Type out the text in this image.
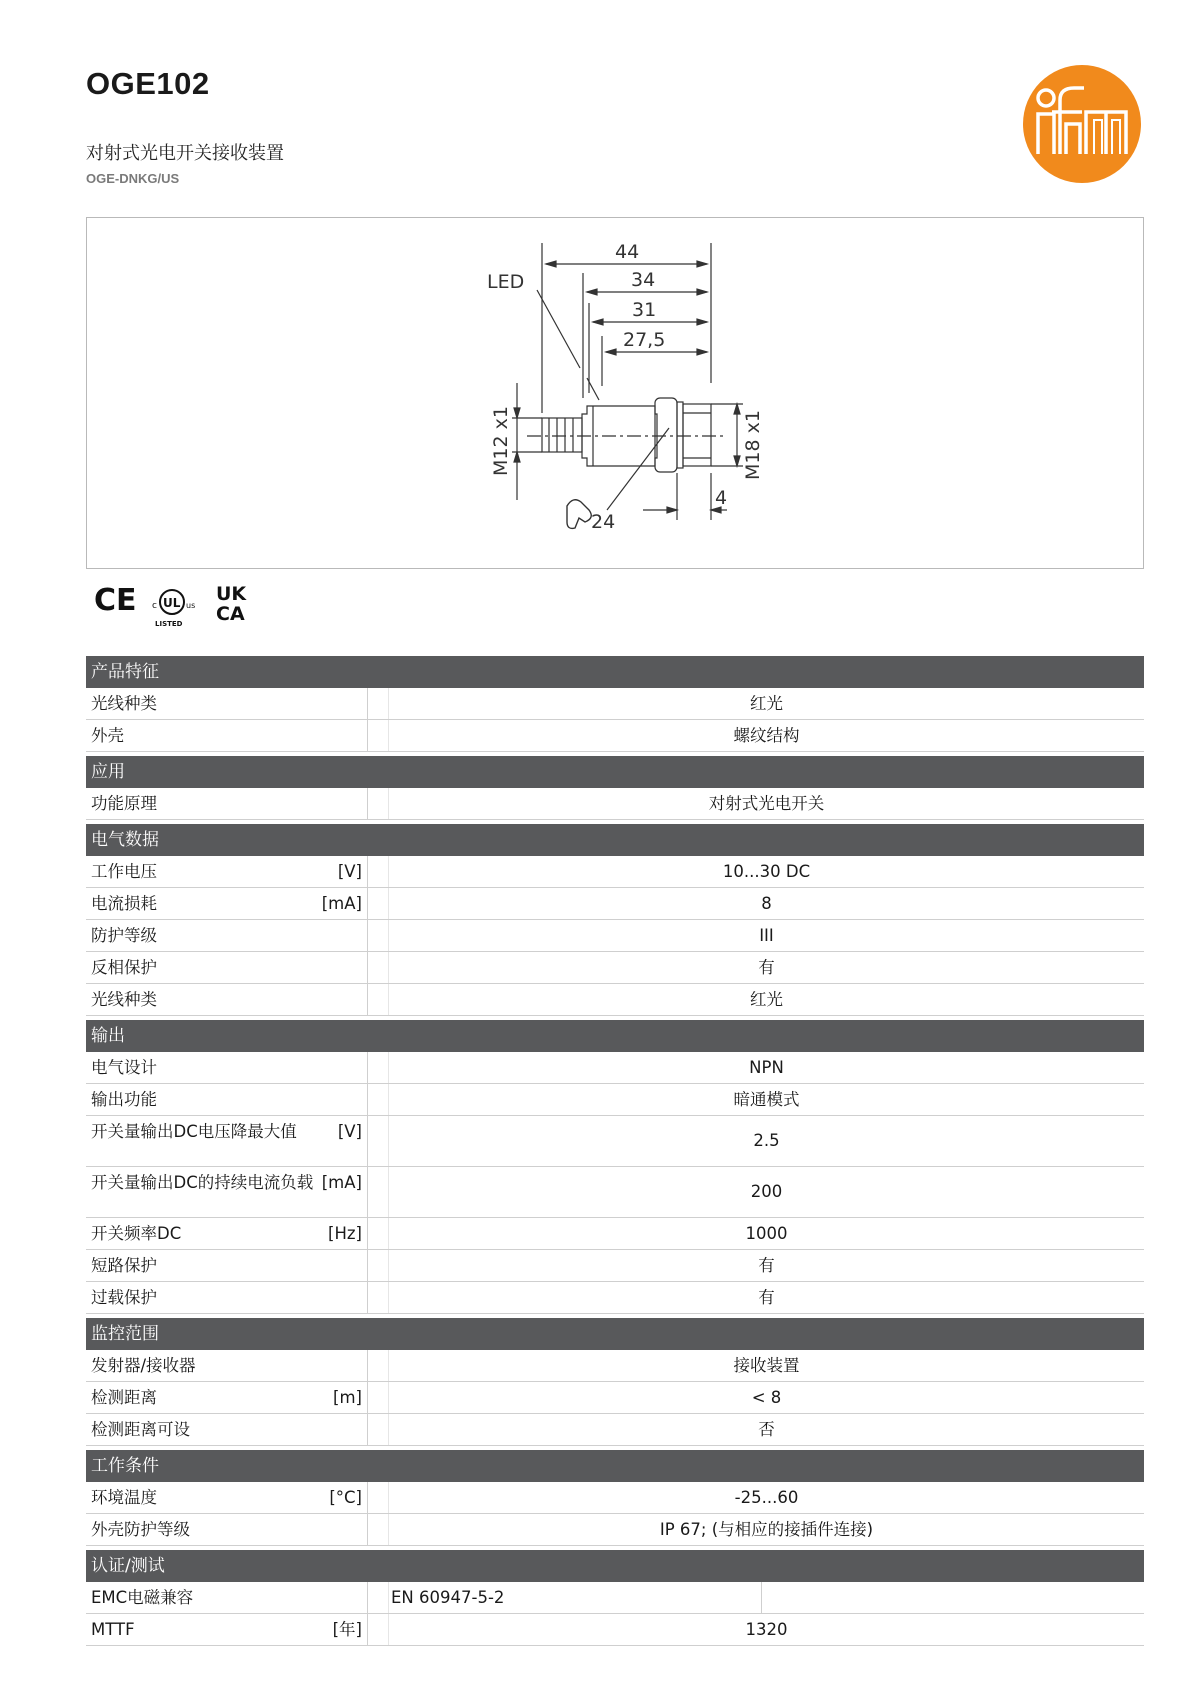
OGE102
对射式光电开关接收装置
OGE-DNKG/US
44
34
31
27,5
4
24
LED
M12 x1	M18 x1
CE c UL us
LISTED
UK
CA
产品特征
光线种类	红光
外壳	螺纹结构
应用
功能原理	对射式光电开关
电气数据
工作电压	[V]	10...30 DC
电流损耗	[mA]	8
防护等级	III
反相保护	有
光线种类	红光
输出
电气设计	NPN
输出功能	暗通模式
开关量输出DC电压降最大值	[V]	2.5
开关量输出DC的持续电流负载 [mA]	200
开关频率DC	[Hz]	1000
短路保护	有
过载保护	有
监控范围
发射器/接收器	接收装置
检测距离	[m]	< 8
检测距离可设	否
工作条件
环境温度	[°C]	-25...60
外壳防护等级	IP 67; (与相应的接插件连接)
认证/测试
EMC电磁兼容	EN 60947-5-2
MTTF	[年]	1320
